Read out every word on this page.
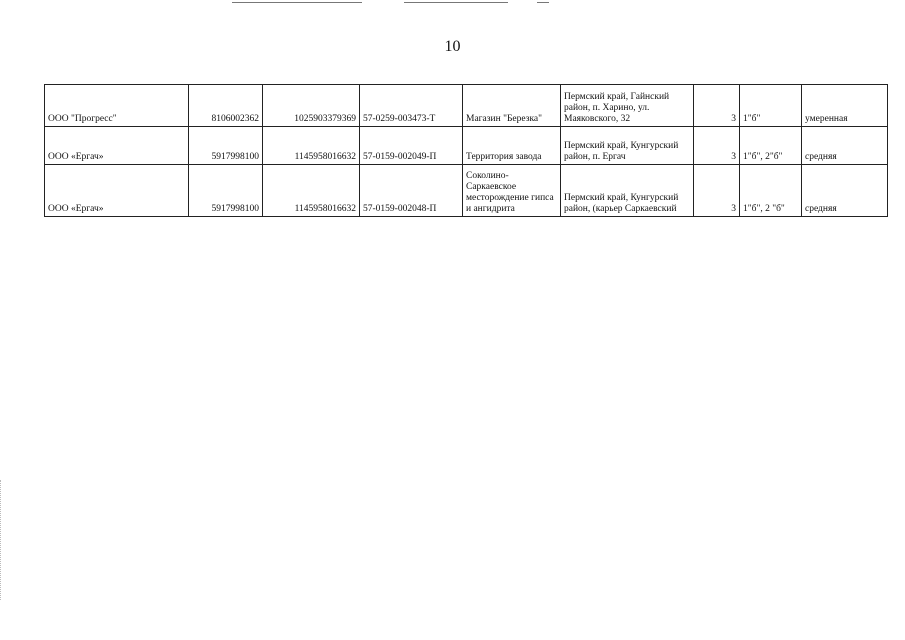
10
ООО "Прогресс"	8106002362	1025903379369	57-0259-003473-Т	Магазин "Березка"	Пермский край, Гайнский район, п. Харино, ул. Маяковского, 32	3	1"б"	умеренная
ООО «Ергач»	5917998100	1145958016632	57-0159-002049-П	Территория завода	Пермский край, Кунгурский район, п. Ергач	3	1"б", 2"б"	средняя
ООО «Ергач»	5917998100	1145958016632	57-0159-002048-П	Соколино- Саркаевское месторождение гипса и ангидрита	Пермский край, Кунгурский район, (карьер Саркаевский	3	1"б", 2 "б"	средняя
